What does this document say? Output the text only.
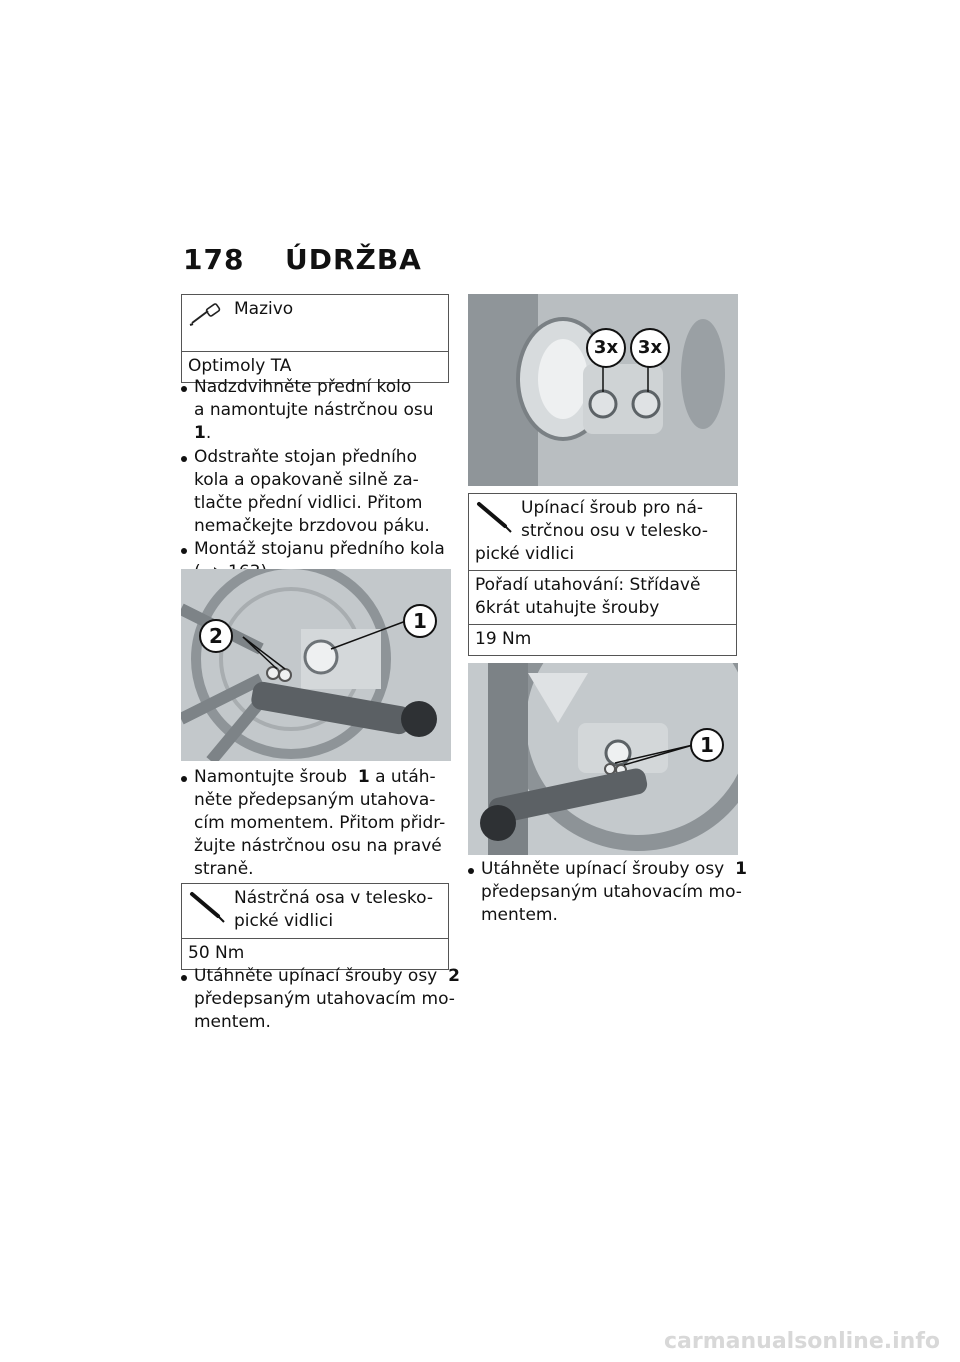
178 ÚDRŽBA
Mazivo
Optimoly TA
Nadzdvihněte přední kolo
a namontujte nástrčnou osu  1.
Odstraňte stojan předního
kola a opakovaně silně za-
tlačte přední vidlici. Přitom
nemačkejte brzdovou páku.
Montáž stojanu předního kola
2
1
Namontujte šroub 1 a utáh-
něte předepsaným utahova-
cím momentem. Přitom přidr-
žujte nástrčnou osu na pravé
straně.
Nástrčná osa v telesko-
pické vidlici
50 Nm
Utáhněte upínací šrouby osy 2
předepsaným utahovacím mo-
mentem.
3x	3x
Upínací šroub pro ná-
strčnou osu v telesko-
pické vidlici
Pořadí utahování: Střídavě
6krát utahujte šrouby
19 Nm
1
Utáhněte upínací šrouby osy 1
předepsaným utahovacím mo-
mentem.
carmanualsonline.info
